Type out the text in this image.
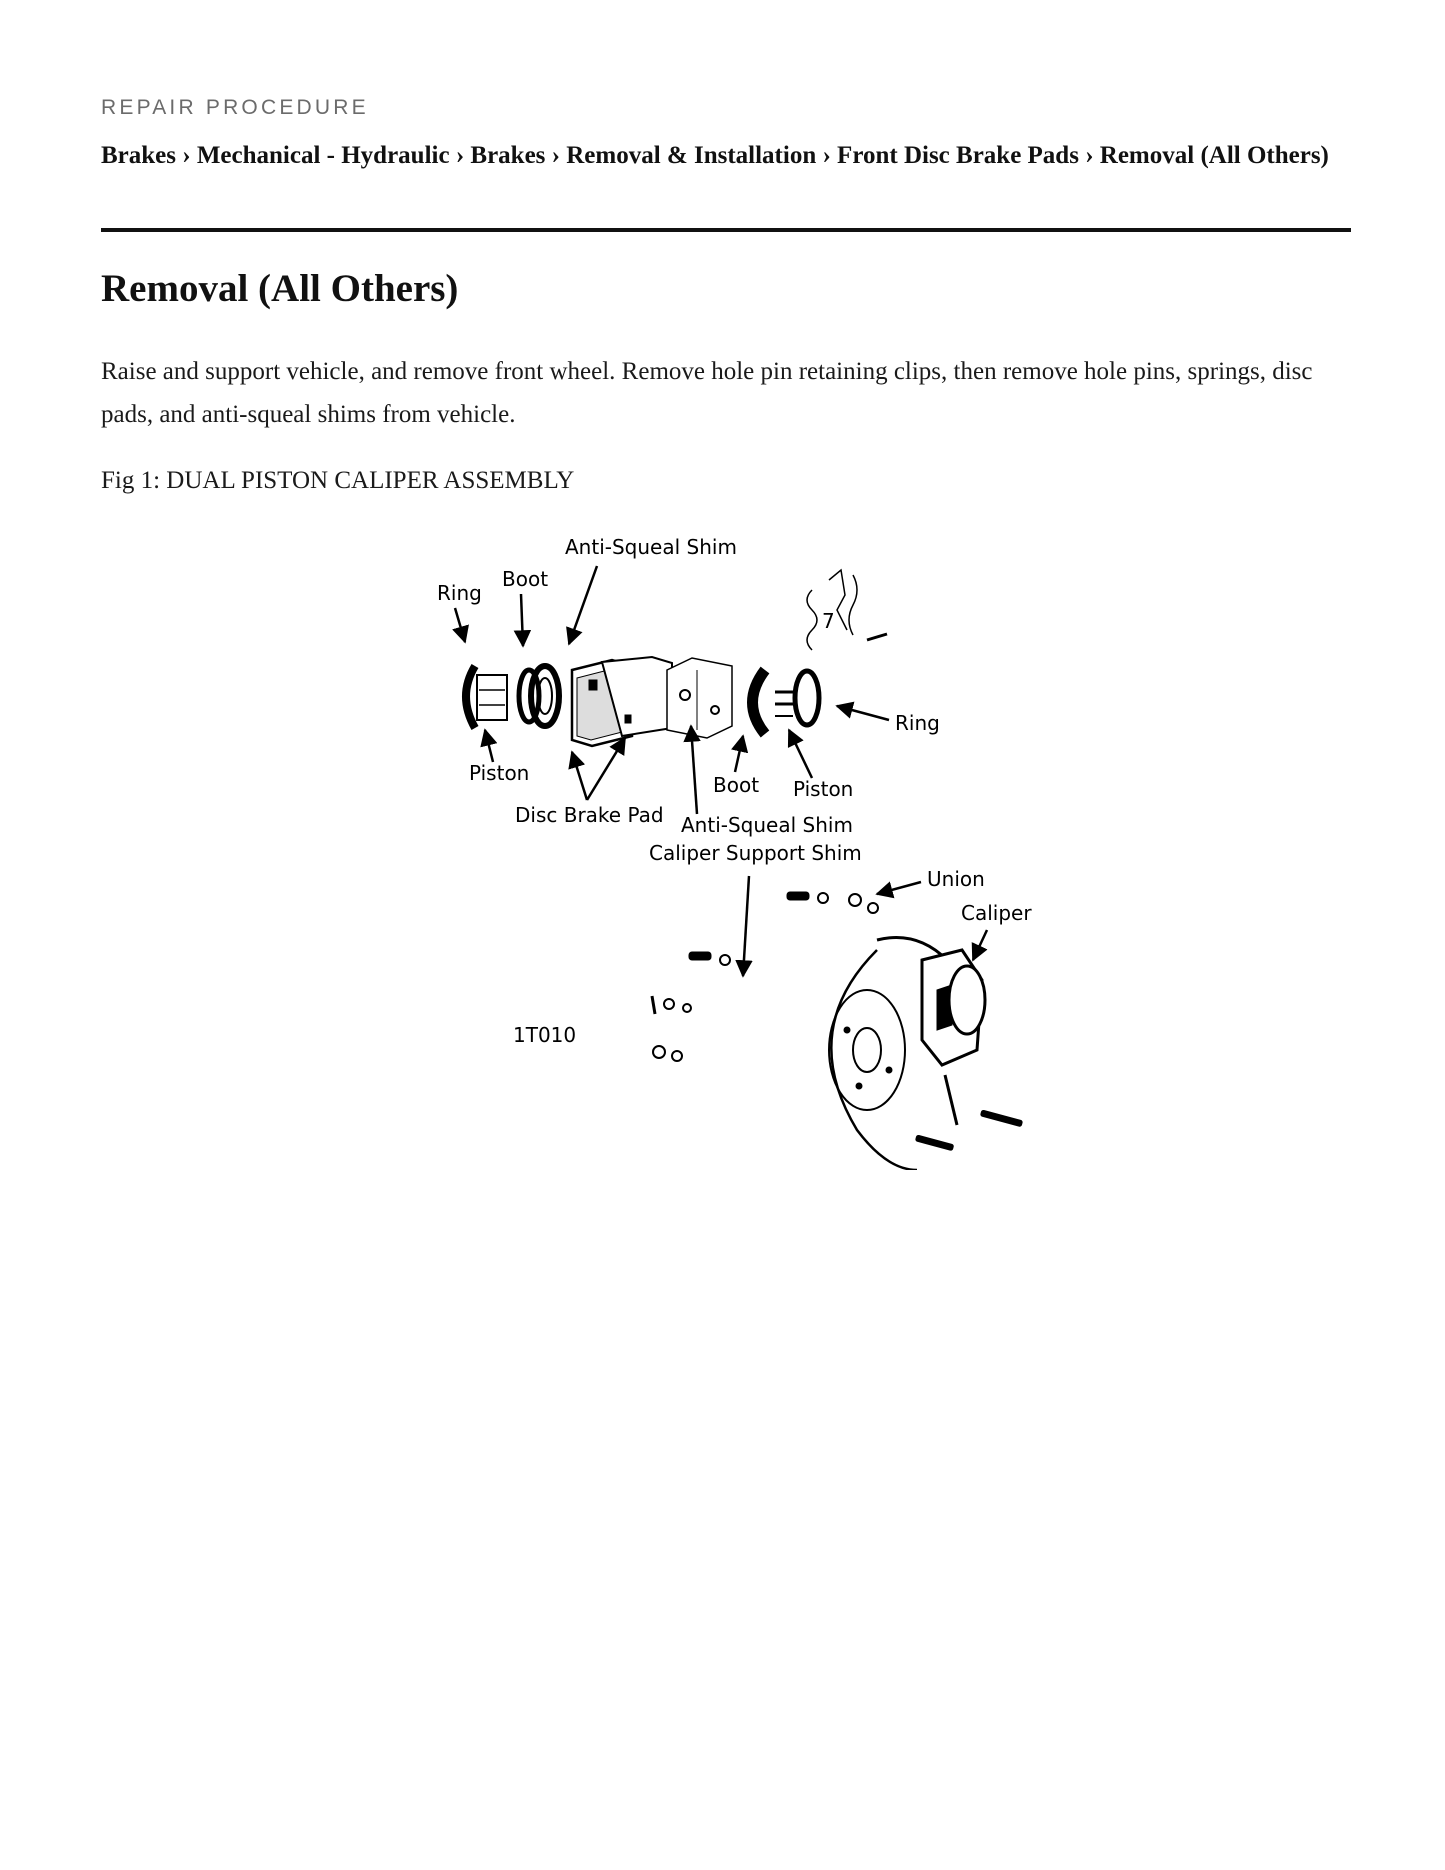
REPAIR PROCEDURE
Brakes › Mechanical - Hydraulic › Brakes › Removal & Installation › Front Disc Brake Pads › Removal (All Others)
Removal (All Others)

Raise and support vehicle, and remove front wheel. Remove hole pin retaining clips, then remove hole pins, springs, disc pads, and anti-squeal shims from vehicle.

Fig 1: DUAL PISTON CALIPER ASSEMBLY

7
Anti-Squeal Shim
Ring
Boot
Piston
Disc Brake Pad
Boot Piston
Ring
Anti-Squeal Shim
Caliper Support Shim
Union
Caliper
1T010
